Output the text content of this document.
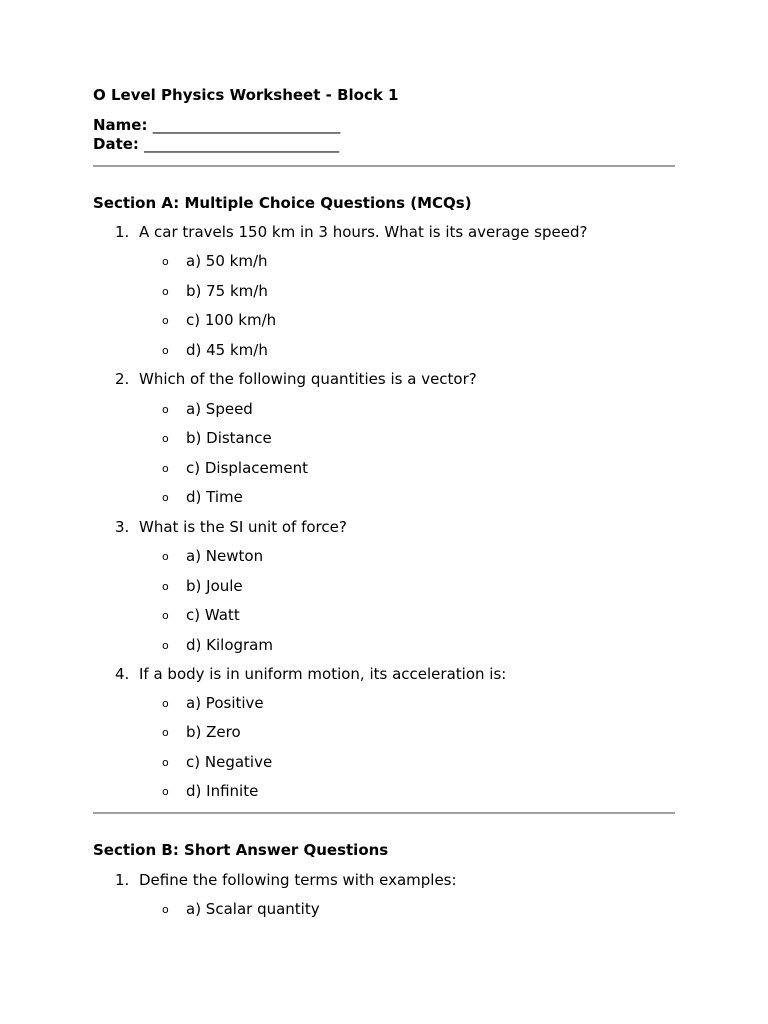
O Level Physics Worksheet - Block 1
Name: _________________________
Date: __________________________
Section A: Multiple Choice Questions (MCQs)
1. A car travels 150 km in 3 hours. What is its average speed?
o a) 50 km/h
o b) 75 km/h
o c) 100 km/h
o d) 45 km/h
2. Which of the following quantities is a vector?
o a) Speed
o b) Distance
o c) Displacement
o d) Time
3. What is the SI unit of force?
o a) Newton
o b) Joule
o c) Watt
o d) Kilogram
4. If a body is in uniform motion, its acceleration is:
o a) Positive
o b) Zero
o c) Negative
o d) Infinite
Section B: Short Answer Questions
1. Define the following terms with examples:
o a) Scalar quantity
